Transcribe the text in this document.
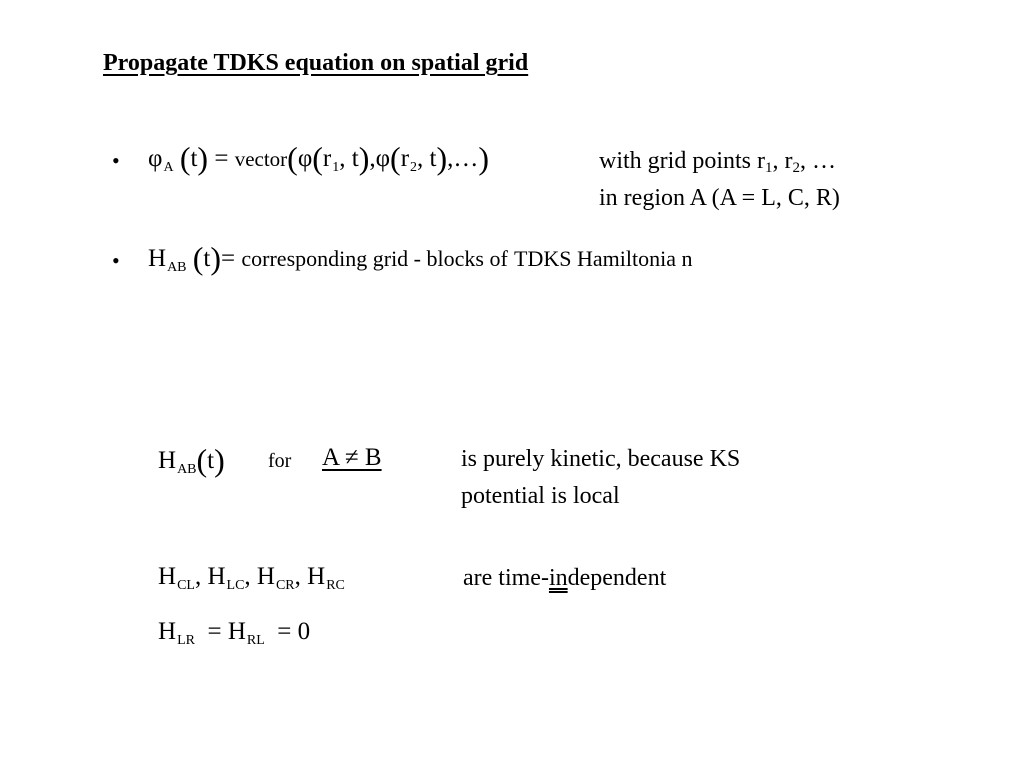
Propagate TDKS equation on spatial grid
• $\varphi_A$ $(t) = vector(\varphi(r_1$, $t),\varphi(r_2$, t),…)	with grid points $r_1$, $r_2$, …
in region A (A = L, C, R)
• $H_{AB}$ (t)= corresponding grid - blocks of TDKS Hamiltonia n
$H_{AB}(t)$ for A ≠ B	is purely kinetic, because KS
potential is local
$H_{CL}$, $H_{LC}$, $H_{CR}$, $H_{RC}$	are time-independent
$H_{LR} = H_{RL} = 0$
